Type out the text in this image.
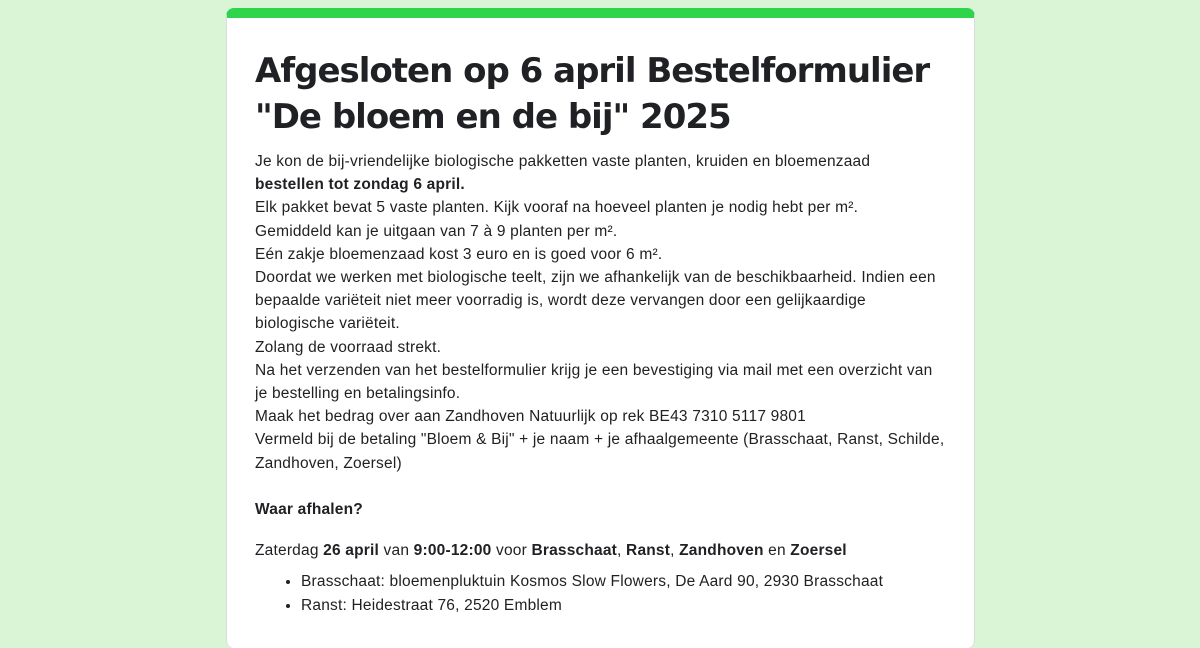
Afgesloten op 6 april Bestelformulier
"De bloem en de bij" 2025

Je kon de bij-vriendelijke biologische pakketten vaste planten, kruiden en bloemenzaad

bestellen tot zondag 6 april.

Elk pakket bevat 5 vaste planten. Kijk vooraf na hoeveel planten je nodig hebt per m².

Gemiddeld kan je uitgaan van 7 à 9 planten per m².

Eén zakje bloemenzaad kost 3 euro en is goed voor 6 m².

Doordat we werken met biologische teelt, zijn we afhankelijk van de beschikbaarheid. Indien een bepaalde variëteit niet meer voorradig is, wordt deze vervangen door een gelijkaardige biologische variëteit.

Zolang de voorraad strekt.

Na het verzenden van het bestelformulier krijg je een bevestiging via mail met een overzicht van je bestelling en betalingsinfo.

Maak het bedrag over aan Zandhoven Natuurlijk op rek BE43 7310 5117 9801

Vermeld bij de betaling "Bloem & Bij" + je naam + je afhaalgemeente (Brasschaat, Ranst, Schilde, Zandhoven, Zoersel)

Waar afhalen?

Zaterdag 26 april van 9:00-12:00 voor Brasschaat, Ranst, Zandhoven en Zoersel

• Brasschaat: bloemenpluktuin Kosmos Slow Flowers, De Aard 90, 2930 Brasschaat
• Ranst: Heidestraat 76, 2520 Emblem
